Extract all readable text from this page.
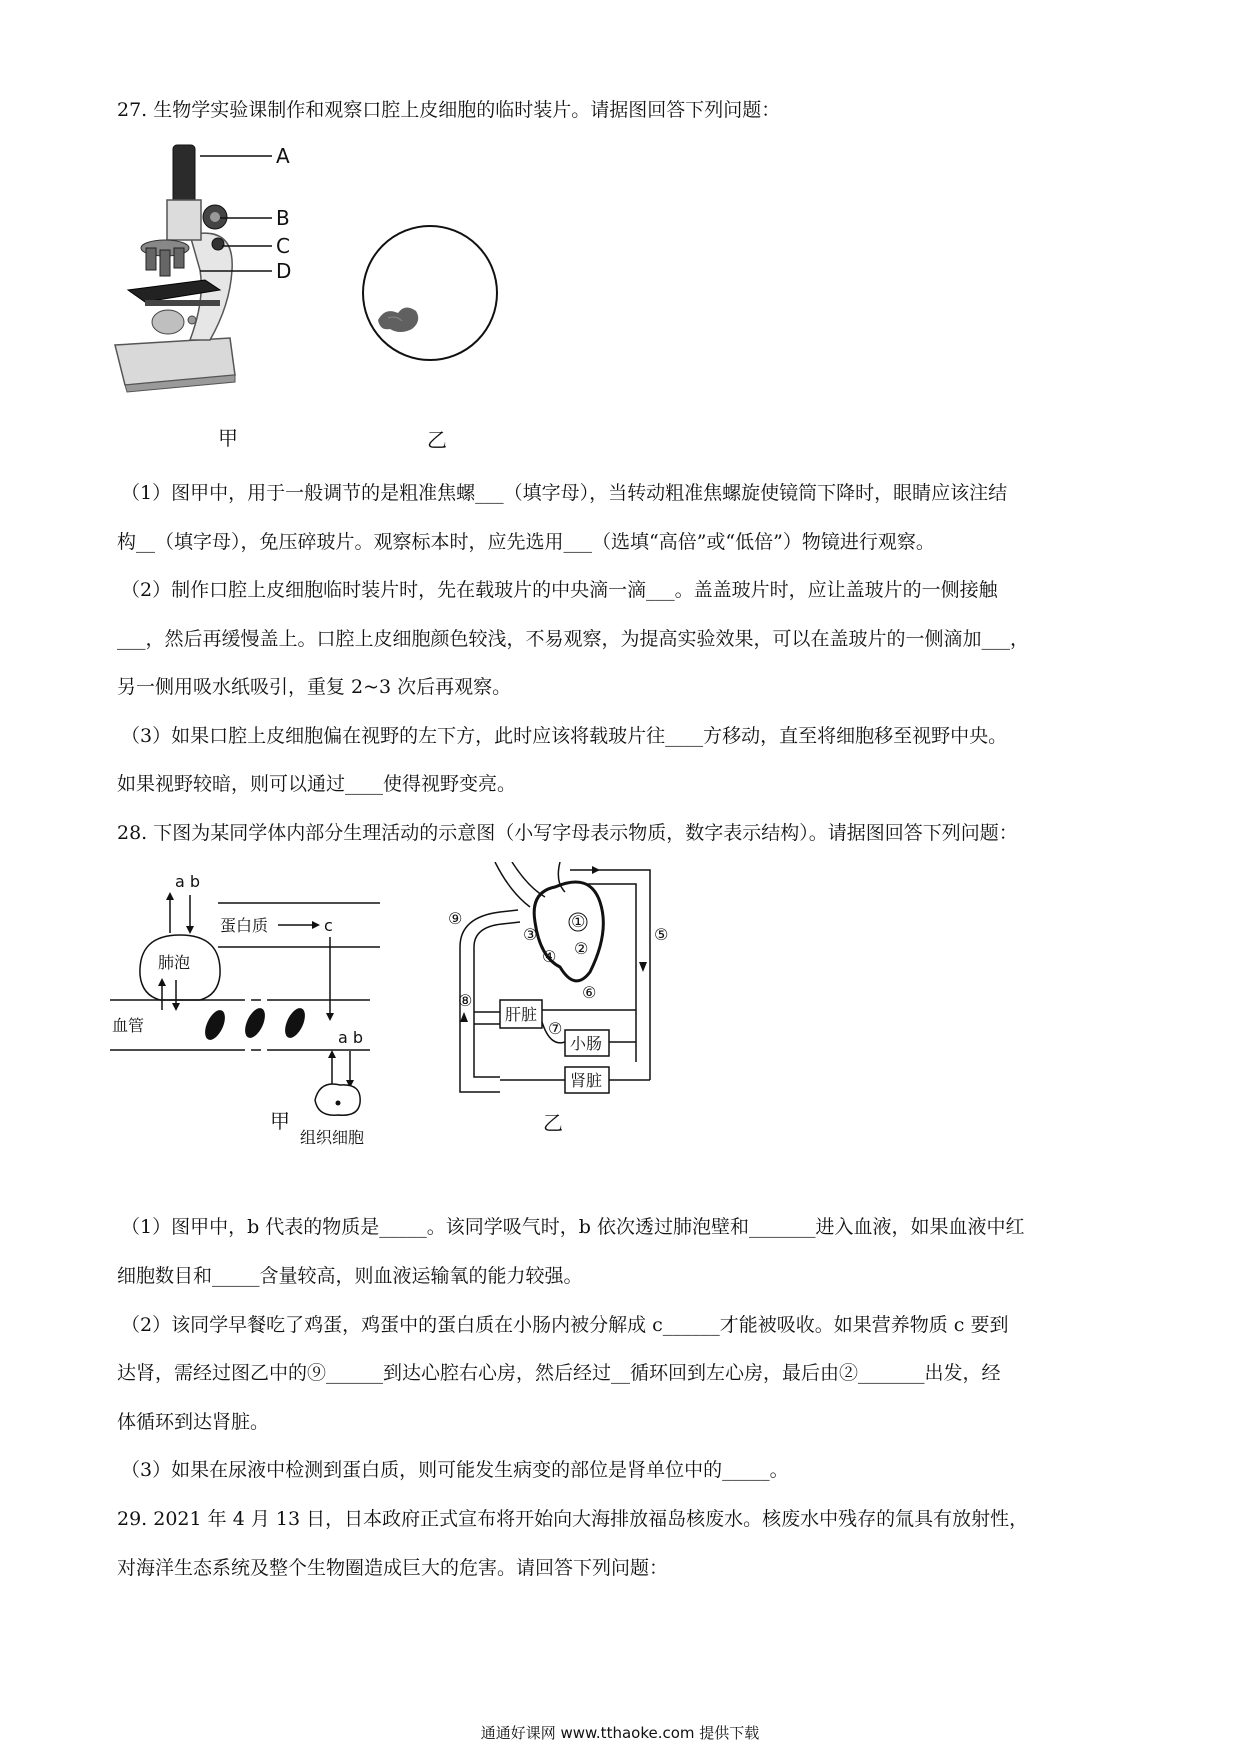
27. 生物学实验课制作和观察口腔上皮细胞的临时装片。请据图回答下列问题：
A
B
C
D
甲	乙
（1）图甲中，用于一般调节的是粗准焦螺___（填字母），当转动粗准焦螺旋使镜筒下降时，眼睛应该注结
构__（填字母），免压碎玻片。观察标本时，应先选用___（选填“高倍”或“低倍”）物镜进行观察。
（2）制作口腔上皮细胞临时装片时，先在载玻片的中央滴一滴___。盖盖玻片时，应让盖玻片的一侧接触
___，然后再缓慢盖上。口腔上皮细胞颜色较浅，不易观察，为提高实验效果，可以在盖玻片的一侧滴加___，
另一侧用吸水纸吸引，重复 2~3 次后再观察。
（3）如果口腔上皮细胞偏在视野的左下方，此时应该将载玻片往____方移动，直至将细胞移至视野中央。
如果视野较暗，则可以通过____使得视野变亮。
28. 下图为某同学体内部分生理活动的示意图（小写字母表示物质，数字表示结构）。请据图回答下列问题：
a b
蛋白质	c
肺泡
血管
a b
组织细胞
甲
①
②
③
④
⑤
⑥
⑦
⑧
⑨
肝脏
小肠
肾脏
乙
（1）图甲中，b 代表的物质是_____。该同学吸气时，b 依次透过肺泡壁和_______进入血液，如果血液中红
细胞数目和_____含量较高，则血液运输氧的能力较强。
（2）该同学早餐吃了鸡蛋，鸡蛋中的蛋白质在小肠内被分解成 c______才能被吸收。如果营养物质 c 要到
达肾，需经过图乙中的⑨______到达心腔右心房，然后经过__循环回到左心房，最后由②_______出发，经
体循环到达肾脏。
（3）如果在尿液中检测到蛋白质，则可能发生病变的部位是肾单位中的_____。
29. 2021 年 4 月 13 日，日本政府正式宣布将开始向大海排放福岛核废水。核废水中残存的氚具有放射性，
对海洋生态系统及整个生物圈造成巨大的危害。请回答下列问题：
通通好课网 www.tthaoke.com 提供下载
